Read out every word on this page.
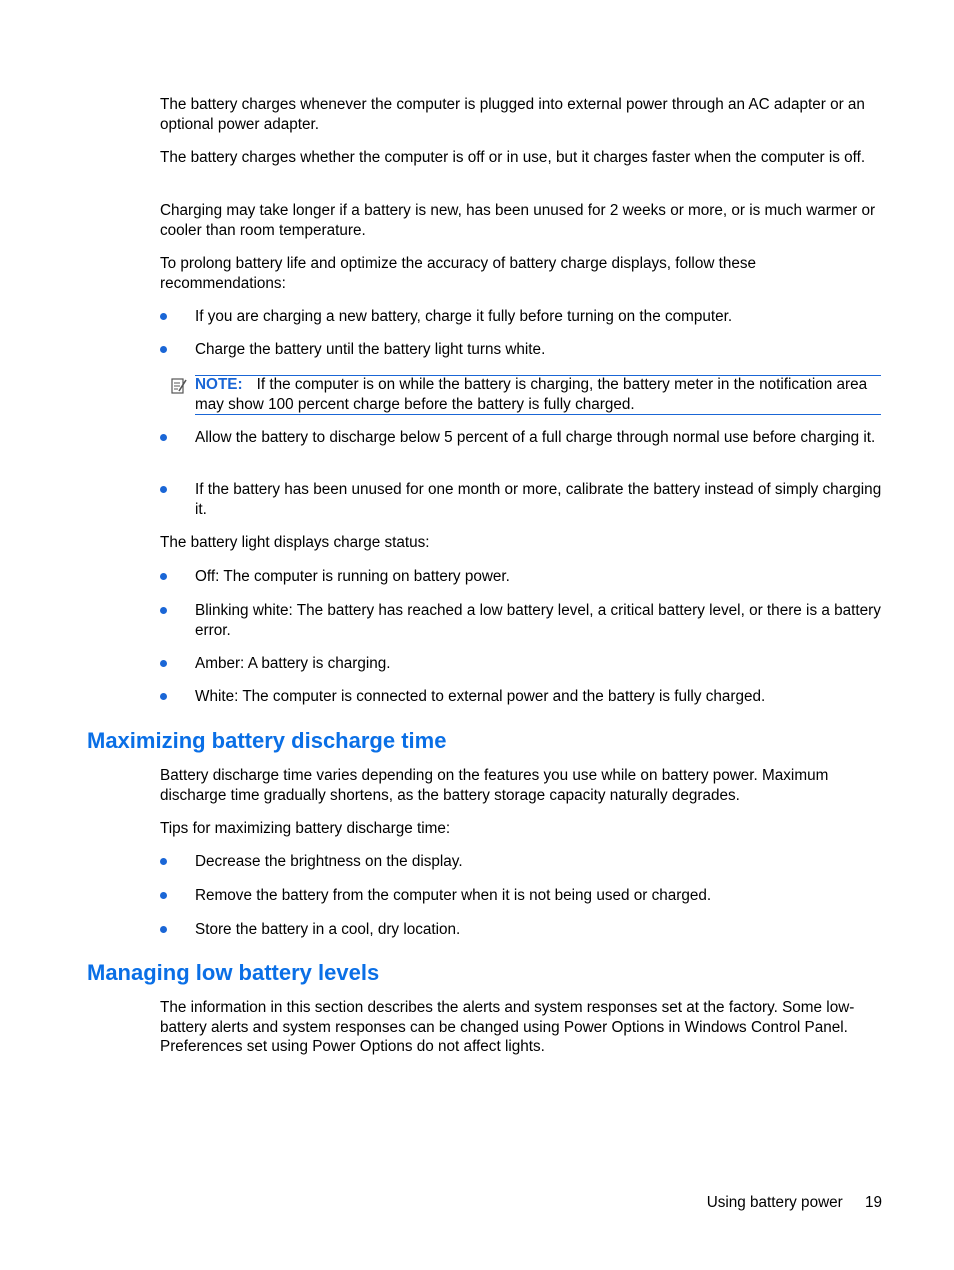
The battery charges whenever the computer is plugged into external power through an AC adapter or an optional power adapter.

The battery charges whether the computer is off or in use, but it charges faster when the computer is off.

Charging may take longer if a battery is new, has been unused for 2 weeks or more, or is much warmer or cooler than room temperature.

To prolong battery life and optimize the accuracy of battery charge displays, follow these recommendations:

If you are charging a new battery, charge it fully before turning on the computer.

Charge the battery until the battery light turns white.

NOTE: If the computer is on while the battery is charging, the battery meter in the notification area may show 100 percent charge before the battery is fully charged.

Allow the battery to discharge below 5 percent of a full charge through normal use before charging it.

If the battery has been unused for one month or more, calibrate the battery instead of simply charging it.

The battery light displays charge status:

Off: The computer is running on battery power.

Blinking white: The battery has reached a low battery level, a critical battery level, or there is a battery error.

Amber: A battery is charging.

White: The computer is connected to external power and the battery is fully charged.

Maximizing battery discharge time

Battery discharge time varies depending on the features you use while on battery power. Maximum discharge time gradually shortens, as the battery storage capacity naturally degrades.

Tips for maximizing battery discharge time:

Decrease the brightness on the display.

Remove the battery from the computer when it is not being used or charged.

Store the battery in a cool, dry location.

Managing low battery levels

The information in this section describes the alerts and system responses set at the factory. Some low-battery alerts and system responses can be changed using Power Options in Windows Control Panel. Preferences set using Power Options do not affect lights.

Using battery power 19
